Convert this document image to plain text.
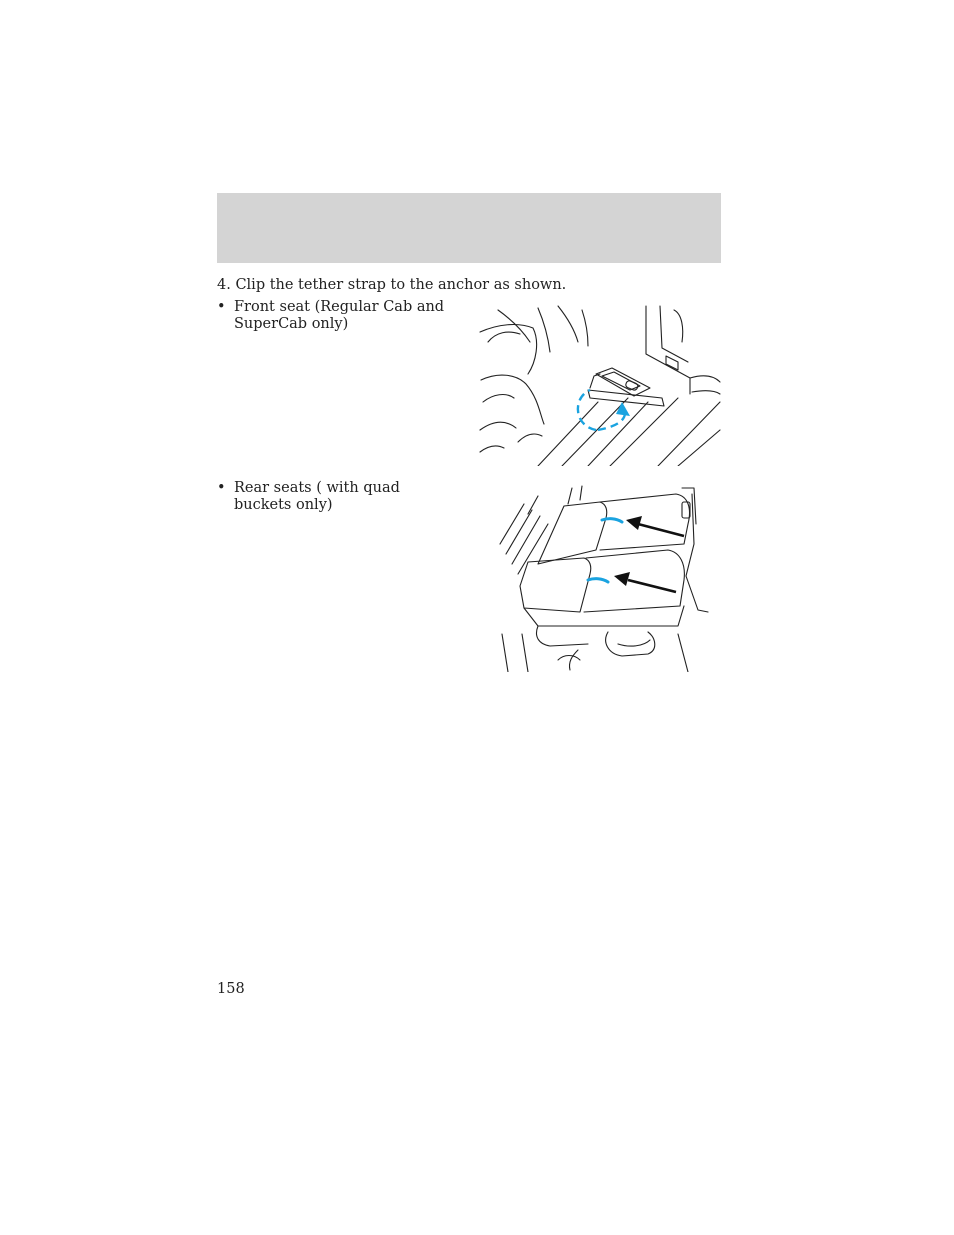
4. Clip the tether strap to the anchor as shown.
• Front seat (Regular Cab and SuperCab only)
• Rear seats ( with quad buckets only)
158
